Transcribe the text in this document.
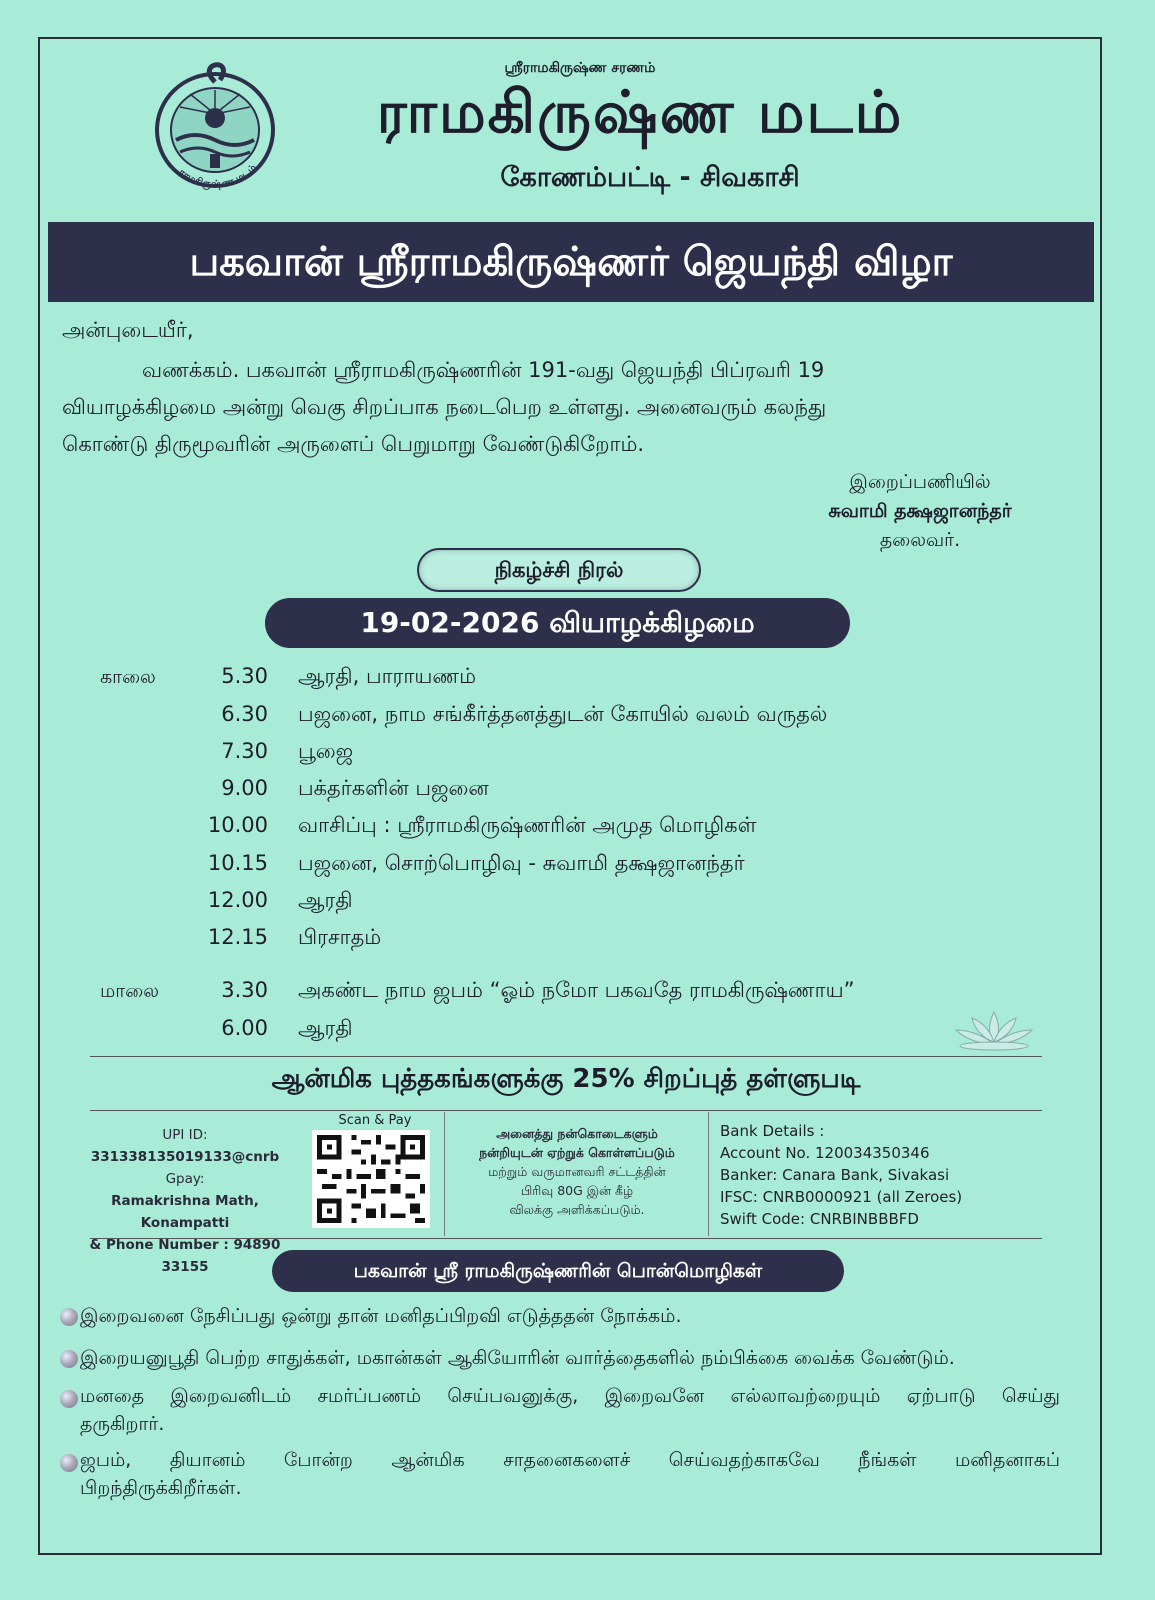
ராமகிருஷ்ண மடம்
ஸ்ரீராமகிருஷ்ண சரணம்
ராமகிருஷ்ண மடம்
கோணம்பட்டி - சிவகாசி
பகவான் ஸ்ரீராமகிருஷ்ணர் ஜெயந்தி விழா
அன்புடையீர்,
வணக்கம். பகவான் ஸ்ரீராமகிருஷ்ணரின் 191-வது ஜெயந்தி பிப்ரவரி 19
வியாழக்கிழமை அன்று வெகு சிறப்பாக நடைபெற உள்ளது. அனைவரும் கலந்து
கொண்டு திருமூவரின் அருளைப் பெறுமாறு வேண்டுகிறோம்.
இறைப்பணியில்
சுவாமி தக்ஷஜானந்தர்
தலைவர்.
நிகழ்ச்சி நிரல்
19-02-2026 வியாழக்கிழமை
காலை
மாலை
5.30 ஆரதி, பாராயணம்
6.30 பஜனை, நாம சங்கீர்த்தனத்துடன் கோயில் வலம் வருதல்
7.30 பூஜை
9.00 பக்தர்களின் பஜனை
10.00 வாசிப்பு : ஸ்ரீராமகிருஷ்ணரின் அமுத மொழிகள்
10.15 பஜனை, சொற்பொழிவு - சுவாமி தக்ஷஜானந்தர்
12.00 ஆரதி
12.15 பிரசாதம்
3.30 அகண்ட நாம ஜபம் “ஓம் நமோ பகவதே ராமகிருஷ்ணாய”
6.00 ஆரதி
ஆன்மிக புத்தகங்களுக்கு 25% சிறப்புத் தள்ளுபடி
UPI ID:
331338135019133@cnrb
Gpay:
Ramakrishna Math, Konampatti
& Phone Number : 94890 33155
Scan & Pay
அனைத்து நன்கொடைகளும்
நன்றியுடன் ஏற்றுக் கொள்ளப்படும்
மற்றும் வருமானவரி சட்டத்தின்
பிரிவு 80G இன் கீழ்
விலக்கு அளிக்கப்படும்.
Bank Details :
Account No. 120034350346
Banker: Canara Bank, Sivakasi
IFSC: CNRB0000921 (all Zeroes)
Swift Code: CNRBINBBBFD
பகவான் ஸ்ரீ ராமகிருஷ்ணரின் பொன்மொழிகள்
இறைவனை நேசிப்பது ஒன்று தான் மனிதப்பிறவி எடுத்ததன் நோக்கம்.
இறையனுபூதி பெற்ற சாதுக்கள், மகான்கள் ஆகியோரின் வார்த்தைகளில் நம்பிக்கை வைக்க வேண்டும்.
மனதை இறைவனிடம் சமர்ப்பணம் செய்பவனுக்கு, இறைவனே எல்லாவற்றையும் ஏற்பாடு செய்து
தருகிறார்.
ஜபம், தியானம் போன்ற ஆன்மிக சாதனைகளைச் செய்வதற்காகவே நீங்கள் மனிதனாகப்
பிறந்திருக்கிறீர்கள்.
